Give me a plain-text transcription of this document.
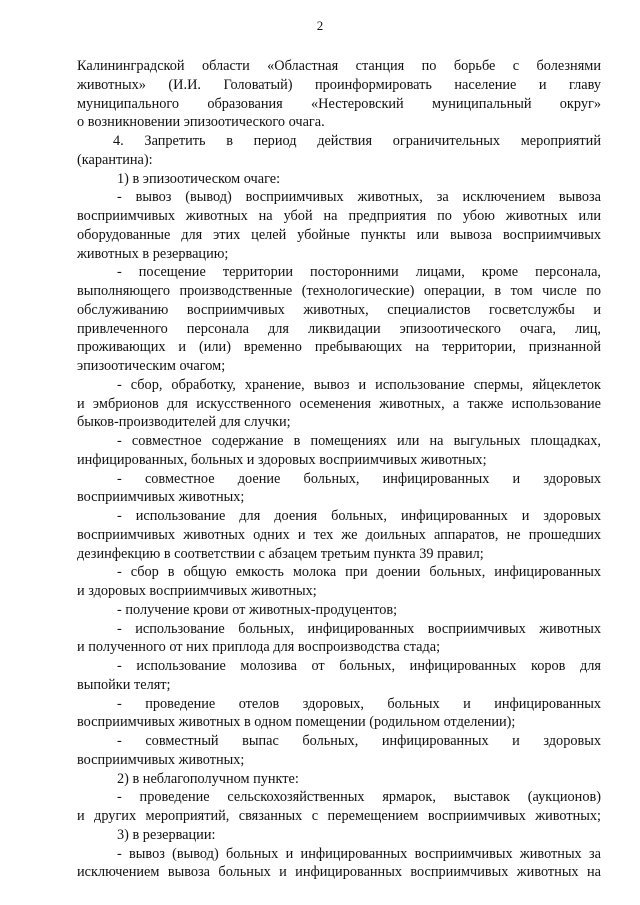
2
Калининградской области «Областная станция по борьбе с болезнями
животных» (И.И. Головатый) проинформировать население и главу
муниципального образования «Нестеровский муниципальный округ»
о возникновении эпизоотического очага.
4. Запретить в период действия ограничительных мероприятий
(карантина):
1) в эпизоотическом очаге:
- вывоз (вывод) восприимчивых животных, за исключением вывоза
восприимчивых животных на убой на предприятия по убою животных или
оборудованные для этих целей убойные пункты или вывоза восприимчивых
животных в резервацию;
- посещение территории посторонними лицами, кроме персонала,
выполняющего производственные (технологические) операции, в том числе по
обслуживанию восприимчивых животных, специалистов госветслужбы и
привлеченного персонала для ликвидации эпизоотического очага, лиц,
проживающих и (или) временно пребывающих на территории, признанной
эпизоотическим очагом;
- сбор, обработку, хранение, вывоз и использование спермы, яйцеклеток
и эмбрионов для искусственного осеменения животных, а также использование
быков-производителей для случки;
- совместное содержание в помещениях или на выгульных площадках,
инфицированных, больных и здоровых восприимчивых животных;
- совместное доение больных, инфицированных и здоровых
восприимчивых животных;
- использование для доения больных, инфицированных и здоровых
восприимчивых животных одних и тех же доильных аппаратов, не прошедших
дезинфекцию в соответствии с абзацем третьим пункта 39 правил;
- сбор в общую емкость молока при доении больных, инфицированных
и здоровых восприимчивых животных;
- получение крови от животных-продуцентов;
- использование больных, инфицированных восприимчивых животных
и полученного от них приплода для воспроизводства стада;
- использование молозива от больных, инфицированных коров для
выпойки телят;
- проведение отелов здоровых, больных и инфицированных
восприимчивых животных в одном помещении (родильном отделении);
- совместный выпас больных, инфицированных и здоровых
восприимчивых животных;
2) в неблагополучном пункте:
- проведение сельскохозяйственных ярмарок, выставок (аукционов)
и других мероприятий, связанных с перемещением восприимчивых животных;
3) в резервации:
- вывоз (вывод) больных и инфицированных восприимчивых животных за
исключением вывоза больных и инфицированных восприимчивых животных на
